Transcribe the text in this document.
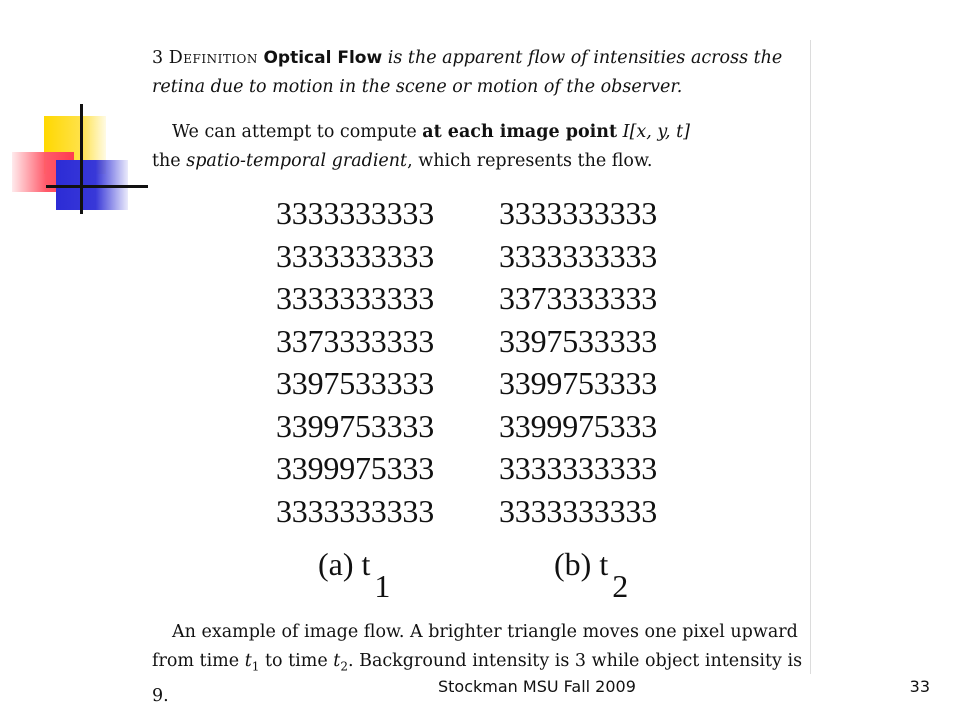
3 Definition Optical Flow is the apparent flow of intensities across the retina due to motion in the scene or motion of the observer.
We can attempt to compute at each image point I[x, y, t]
the spatio-temporal gradient, which represents the flow.
3333333333
3333333333
3333333333
3373333333
3397533333
3399753333
3399975333
3333333333
3333333333
3333333333
3373333333
3397533333
3399753333
3399975333
3333333333
3333333333
(a) t1
(b) t2
An example of image flow. A brighter triangle moves one pixel upward from time $t_1$ to time $t_2$. Background intensity is 3 while object intensity is 9.	Stockman MSU Fall 2009	33
